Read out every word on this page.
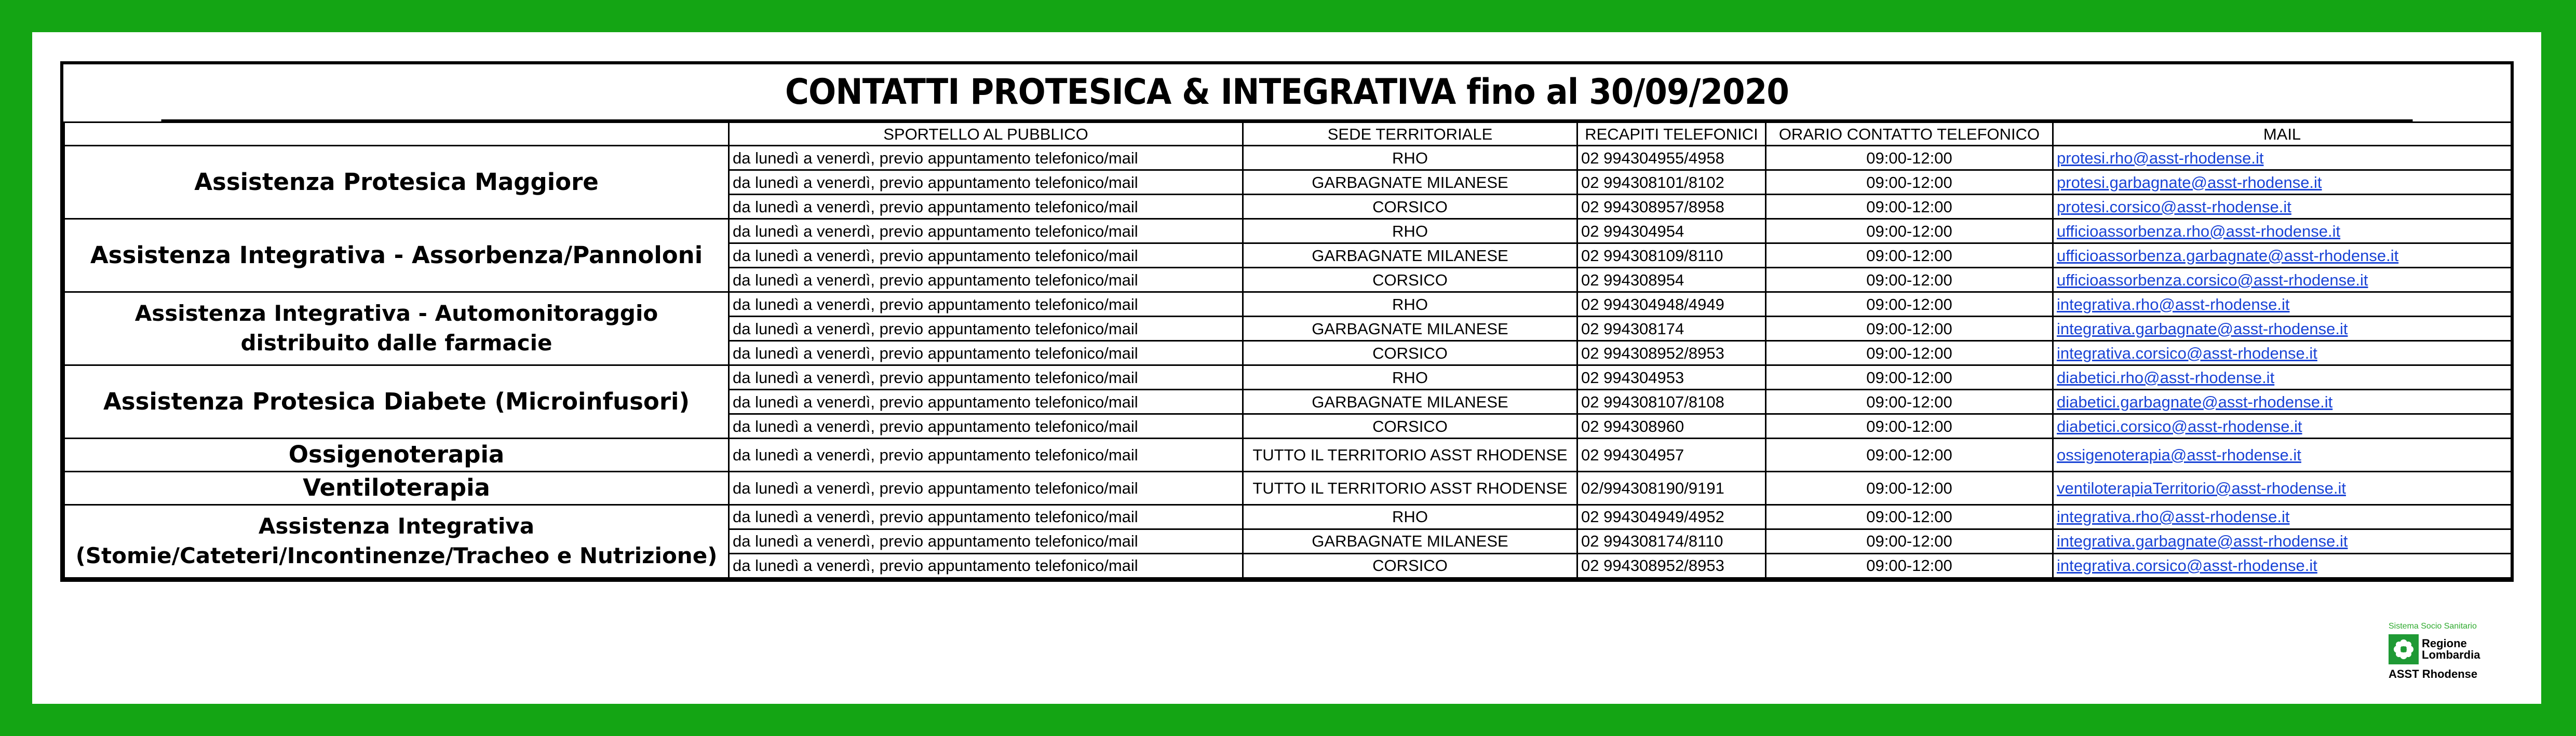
CONTATTI PROTESICA & INTEGRATIVA fino al 30/09/2020
	SPORTELLO AL PUBBLICO	SEDE TERRITORIALE	RECAPITI TELEFONICI	ORARIO CONTATTO TELEFONICO	MAIL

Assistenza Protesica Maggiore	da lunedì a venerdì, previo appuntamento telefonico/mail	RHO	02 994304955/4958	09:00-12:00	protesi.rho@asst-rhodense.it
	da lunedì a venerdì, previo appuntamento telefonico/mail	GARBAGNATE MILANESE	02 994308101/8102	09:00-12:00	protesi.garbagnate@asst-rhodense.it
	da lunedì a venerdì, previo appuntamento telefonico/mail	CORSICO	02 994308957/8958	09:00-12:00	protesi.corsico@asst-rhodense.it

Assistenza Integrativa - Assorbenza/Pannoloni	da lunedì a venerdì, previo appuntamento telefonico/mail	RHO	02 994304954	09:00-12:00	ufficioassorbenza.rho@asst-rhodense.it
	da lunedì a venerdì, previo appuntamento telefonico/mail	GARBAGNATE MILANESE	02 994308109/8110	09:00-12:00	ufficioassorbenza.garbagnate@asst-rhodense.it
	da lunedì a venerdì, previo appuntamento telefonico/mail	CORSICO	02 994308954	09:00-12:00	ufficioassorbenza.corsico@asst-rhodense.it

Assistenza Integrativa - Automonitoraggio
distribuito dalle farmacie	da lunedì a venerdì, previo appuntamento telefonico/mail	RHO	02 994304948/4949	09:00-12:00	integrativa.rho@asst-rhodense.it
	da lunedì a venerdì, previo appuntamento telefonico/mail	GARBAGNATE MILANESE	02 994308174	09:00-12:00	integrativa.garbagnate@asst-rhodense.it
	da lunedì a venerdì, previo appuntamento telefonico/mail	CORSICO	02 994308952/8953	09:00-12:00	integrativa.corsico@asst-rhodense.it

Assistenza Protesica Diabete (Microinfusori)	da lunedì a venerdì, previo appuntamento telefonico/mail	RHO	02 994304953	09:00-12:00	diabetici.rho@asst-rhodense.it
	da lunedì a venerdì, previo appuntamento telefonico/mail	GARBAGNATE MILANESE	02 994308107/8108	09:00-12:00	diabetici.garbagnate@asst-rhodense.it
	da lunedì a venerdì, previo appuntamento telefonico/mail	CORSICO	02 994308960	09:00-12:00	diabetici.corsico@asst-rhodense.it

Ossigenoterapia	da lunedì a venerdì, previo appuntamento telefonico/mail	TUTTO IL TERRITORIO ASST RHODENSE	02 994304957	09:00-12:00	ossigenoterapia@asst-rhodense.it

Ventiloterapia	da lunedì a venerdì, previo appuntamento telefonico/mail	TUTTO IL TERRITORIO ASST RHODENSE	02/994308190/9191	09:00-12:00	ventiloterapiaTerritorio@asst-rhodense.it

Assistenza Integrativa
(Stomie/Cateteri/Incontinenze/Tracheo e Nutrizione)	da lunedì a venerdì, previo appuntamento telefonico/mail	RHO	02 994304949/4952	09:00-12:00	integrativa.rho@asst-rhodense.it
	da lunedì a venerdì, previo appuntamento telefonico/mail	GARBAGNATE MILANESE	02 994308174/8110	09:00-12:00	integrativa.garbagnate@asst-rhodense.it
	da lunedì a venerdì, previo appuntamento telefonico/mail	CORSICO	02 994308952/8953	09:00-12:00	integrativa.corsico@asst-rhodense.it
Sistema Socio Sanitario
Regione
Lombardia
ASST Rhodense
